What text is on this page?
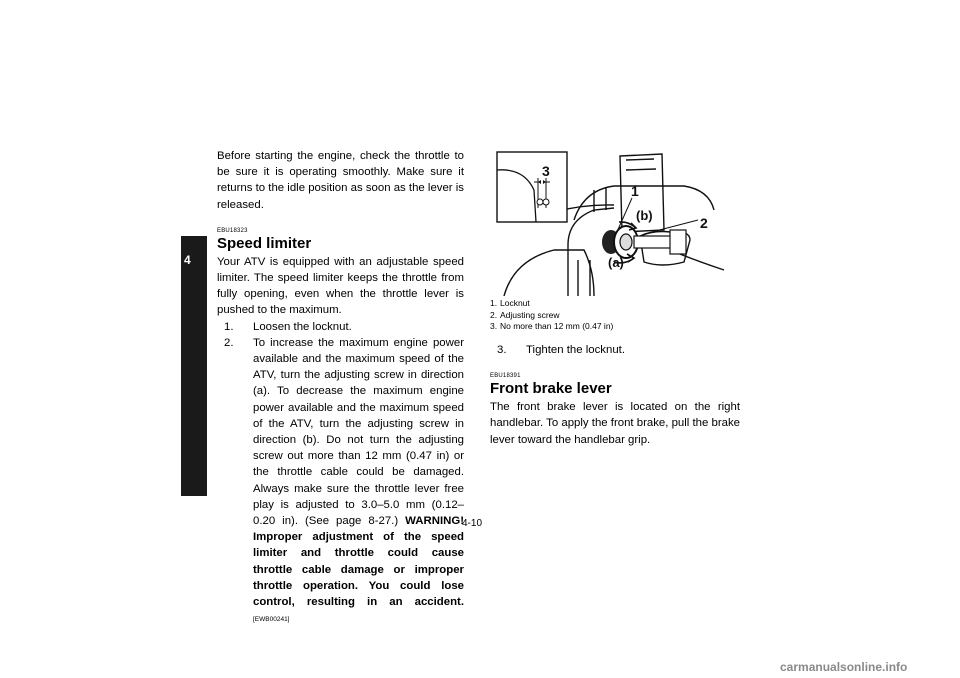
4

Before starting the engine, check the throttle to be sure it is operating smoothly. Make sure it returns to the idle position as soon as the lever is released.

EBU18323
Speed limiter

Your ATV is equipped with an adjustable speed limiter. The speed limiter keeps the throttle from fully opening, even when the throttle lever is pushed to the maximum.

1.	Loosen the locknut.
2.	To increase the maximum engine power available and the maximum speed of the ATV, turn the adjusting screw in direction (a). To decrease the maximum engine power available and the maximum speed of the ATV, turn the adjusting screw in direction (b). Do not turn the adjusting screw out more than 12 mm (0.47 in) or the throttle cable could be damaged. Always make sure the throttle lever free play is adjusted to 3.0–5.0 mm (0.12–0.20 in). (See page 8-27.) WARNING! Improper adjustment of the speed limiter and throttle could cause throttle cable damage or improper throttle operation. You could lose control, resulting in an accident. [EWB00241]
3
1
(b)	2
(a)
1. Locknut
2. Adjusting screw
3. No more than 12 mm (0.47 in)
3.	Tighten the locknut.
EBU18391
Front brake lever

The front brake lever is located on the right handlebar. To apply the front brake, pull the brake lever toward the handlebar grip.

4-10
carmanualsonline.info
